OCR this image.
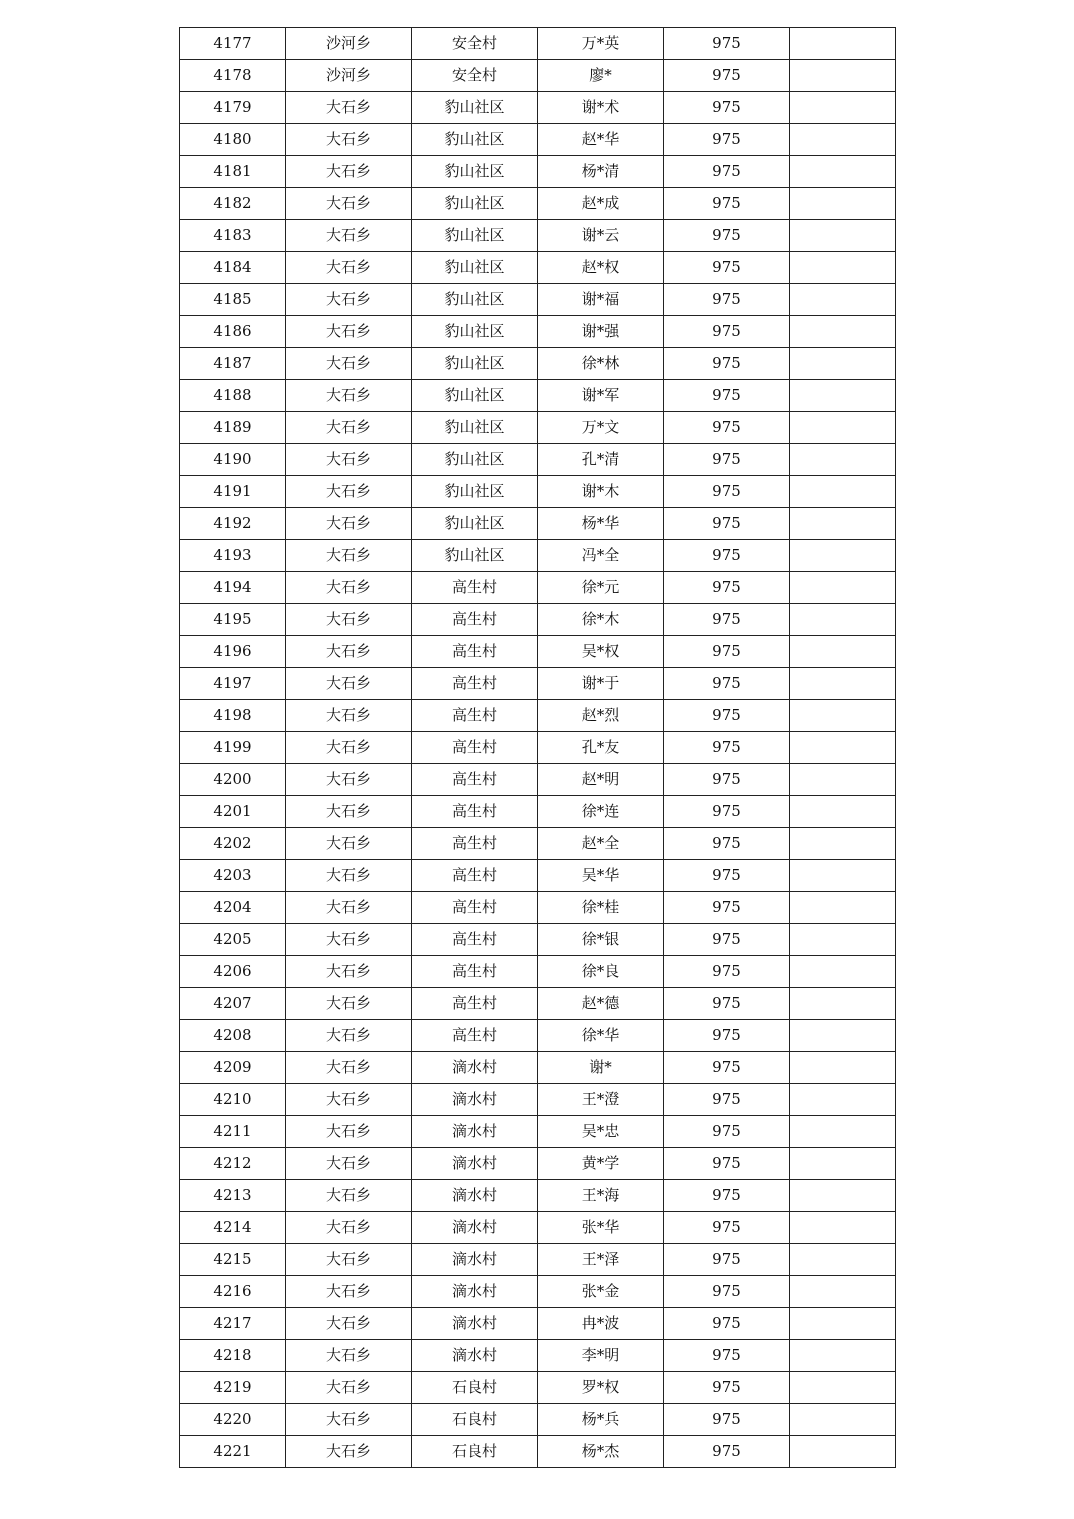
4177	沙河乡	安全村	万*英	975	
4178	沙河乡	安全村	廖*	975	
4179	大石乡	豹山社区	谢*术	975	
4180	大石乡	豹山社区	赵*华	975	
4181	大石乡	豹山社区	杨*清	975	
4182	大石乡	豹山社区	赵*成	975	
4183	大石乡	豹山社区	谢*云	975	
4184	大石乡	豹山社区	赵*权	975	
4185	大石乡	豹山社区	谢*福	975	
4186	大石乡	豹山社区	谢*强	975	
4187	大石乡	豹山社区	徐*林	975	
4188	大石乡	豹山社区	谢*军	975	
4189	大石乡	豹山社区	万*文	975	
4190	大石乡	豹山社区	孔*清	975	
4191	大石乡	豹山社区	谢*木	975	
4192	大石乡	豹山社区	杨*华	975	
4193	大石乡	豹山社区	冯*全	975	
4194	大石乡	高生村	徐*元	975	
4195	大石乡	高生村	徐*木	975	
4196	大石乡	高生村	吴*权	975	
4197	大石乡	高生村	谢*于	975	
4198	大石乡	高生村	赵*烈	975	
4199	大石乡	高生村	孔*友	975	
4200	大石乡	高生村	赵*明	975	
4201	大石乡	高生村	徐*连	975	
4202	大石乡	高生村	赵*全	975	
4203	大石乡	高生村	吴*华	975	
4204	大石乡	高生村	徐*桂	975	
4205	大石乡	高生村	徐*银	975	
4206	大石乡	高生村	徐*良	975	
4207	大石乡	高生村	赵*德	975	
4208	大石乡	高生村	徐*华	975	
4209	大石乡	滴水村	谢*	975	
4210	大石乡	滴水村	王*澄	975	
4211	大石乡	滴水村	吴*忠	975	
4212	大石乡	滴水村	黄*学	975	
4213	大石乡	滴水村	王*海	975	
4214	大石乡	滴水村	张*华	975	
4215	大石乡	滴水村	王*泽	975	
4216	大石乡	滴水村	张*金	975	
4217	大石乡	滴水村	冉*波	975	
4218	大石乡	滴水村	李*明	975	
4219	大石乡	石良村	罗*权	975	
4220	大石乡	石良村	杨*兵	975	
4221	大石乡	石良村	杨*杰	975	
